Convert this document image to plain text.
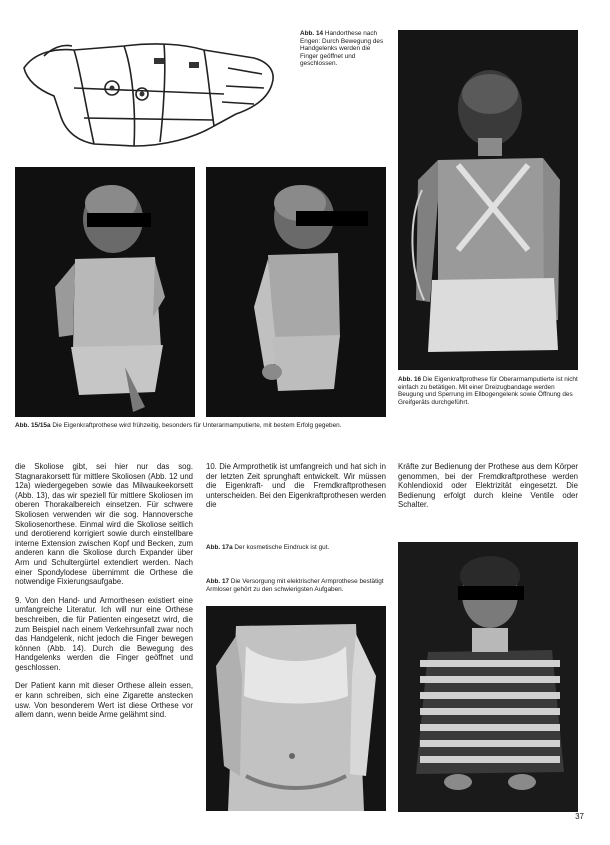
Abb. 14 Handorthese nach Engen: Durch Bewegung des Handgelenks werden die Finger geöffnet und geschlossen.
Abb. 16 Die Eigenkraftprothese für Oberarmamputierte ist nicht einfach zu betätigen. Mit einer Dreizugbandage werden Beugung und Sperrung im Ellbogengelenk sowie Öffnung des Greifgeräts durchgeführt.
Abb. 15/15a Die Eigenkraftprothese wird frühzeitig, besonders für Unterarmamputierte, mit bestem Erfolg gegeben.

die Skoliose gibt, sei hier nur das sog. Stagnarakorsett für mittlere Skoliosen (Abb. 12 und 12a) wiedergegeben sowie das Milwaukeekorsett (Abb. 13), das wir speziell für mittlere Skoliosen im oberen Thorakalbereich einsetzen. Für schwere Skoliosen verwenden wir die sog. Hannoversche Skoliosenorthese. Einmal wird die Skoliose seitlich und derotierend korrigiert sowie durch einstellbare interne Extension zwischen Kopf und Becken, zum anderen kann die Skoliose durch Expander über Arm und Schultergürtel extendiert werden. Nach einer Spondylodese übernimmt die Orthese die notwendige Fixierungsaufgabe.

9. Von den Hand- und Armorthesen existiert eine umfangreiche Literatur. Ich will nur eine Orthese beschreiben, die für Patienten eingesetzt wird, die zum Beispiel nach einem Verkehrsunfall zwar noch das Handgelenk, nicht jedoch die Finger bewegen können (Abb. 14). Durch die Bewegung des Handgelenks werden die Finger geöffnet und geschlossen.

Der Patient kann mit dieser Orthese allein essen, er kann schreiben, sich eine Zigarette anstecken usw. Von besonderem Wert ist diese Orthese vor allem dann, wenn beide Arme gelähmt sind.

10. Die Armprothetik ist umfangreich und hat sich in der letzten Zeit sprunghaft entwickelt. Wir müssen die Eigenkraft- und die Fremdkraftprothesen unterscheiden. Bei den Eigenkraftprothesen werden die

Kräfte zur Bedienung der Prothese aus dem Körper genommen, bei der Fremdkraftprothese werden Kohlendioxid oder Elektrizität eingesetzt. Die Bedienung erfolgt durch kleine Ventile oder Schalter.

Abb. 17a Der kosmetische Eindruck ist gut.
Abb. 17 Die Versorgung mit elektrischer Armprothese bestätigt Armloser gehört zu den schwierigsten Aufgaben.
37
